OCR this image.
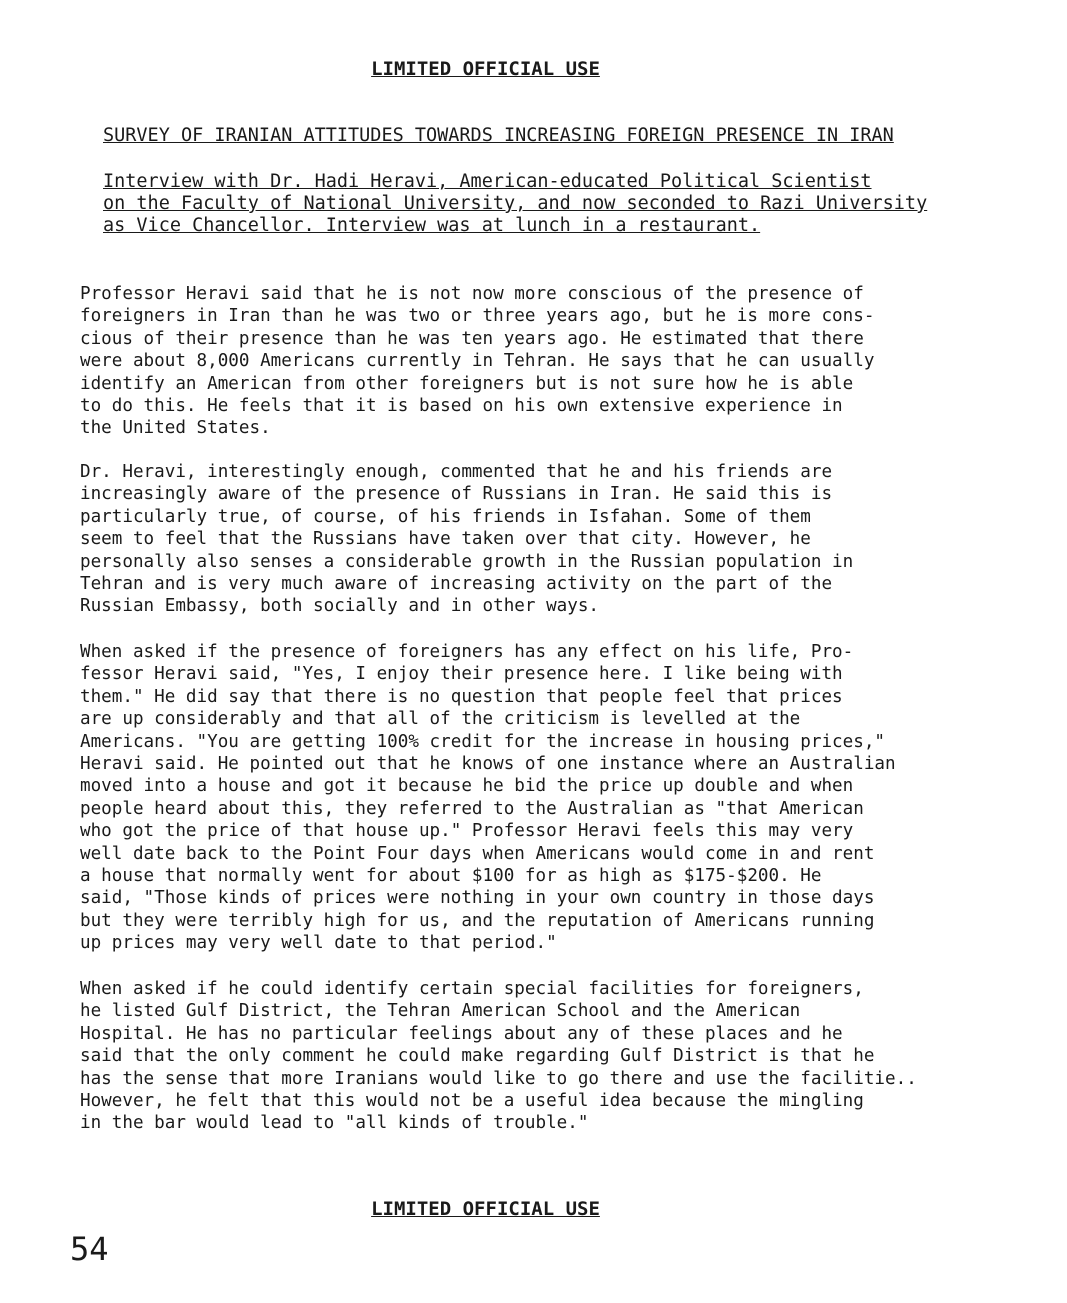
LIMITED OFFICIAL USE
SURVEY OF IRANIAN ATTITUDES TOWARDS INCREASING FOREIGN PRESENCE IN IRAN
Interview with Dr. Hadi Heravi, American-educated Political Scientist
on the Faculty of National University, and now seconded to Razi University
as Vice Chancellor. Interview was at lunch in a restaurant.
Professor Heravi said that he is not now more conscious of the presence of
foreigners in Iran than he was two or three years ago, but he is more cons-
cious of their presence than he was ten years ago. He estimated that there
were about 8,000 Americans currently in Tehran. He says that he can usually
identify an American from other foreigners but is not sure how he is able
to do this. He feels that it is based on his own extensive experience in
the United States.
Dr. Heravi, interestingly enough, commented that he and his friends are
increasingly aware of the presence of Russians in Iran. He said this is
particularly true, of course, of his friends in Isfahan. Some of them
seem to feel that the Russians have taken over that city. However, he
personally also senses a considerable growth in the Russian population in
Tehran and is very much aware of increasing activity on the part of the
Russian Embassy, both socially and in other ways.
When asked if the presence of foreigners has any effect on his life, Pro-
fessor Heravi said, "Yes, I enjoy their presence here. I like being with
them." He did say that there is no question that people feel that prices
are up considerably and that all of the criticism is levelled at the
Americans. "You are getting 100% credit for the increase in housing prices,"
Heravi said. He pointed out that he knows of one instance where an Australian
moved into a house and got it because he bid the price up double and when
people heard about this, they referred to the Australian as "that American
who got the price of that house up." Professor Heravi feels this may very
well date back to the Point Four days when Americans would come in and rent
a house that normally went for about $100 for as high as $175-$200. He
said, "Those kinds of prices were nothing in your own country in those days
but they were terribly high for us, and the reputation of Americans running
up prices may very well date to that period."
When asked if he could identify certain special facilities for foreigners,
he listed Gulf District, the Tehran American School and the American
Hospital. He has no particular feelings about any of these places and he
said that the only comment he could make regarding Gulf District is that he
has the sense that more Iranians would like to go there and use the facilitie..
However, he felt that this would not be a useful idea because the mingling
in the bar would lead to "all kinds of trouble."
LIMITED OFFICIAL USE
54
